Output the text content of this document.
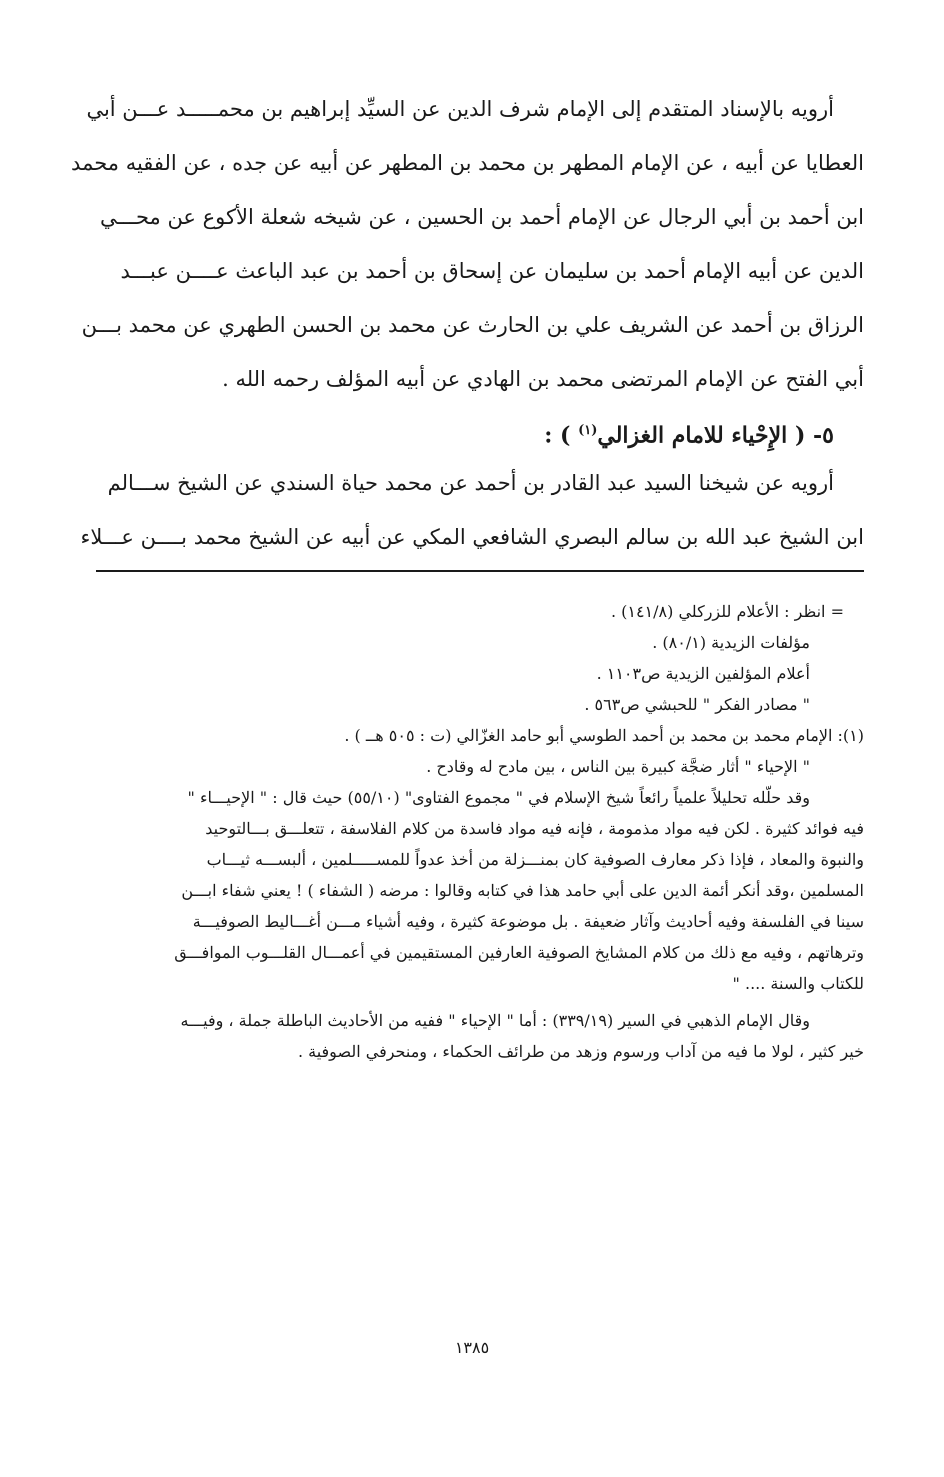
أرويه بالإسناد المتقدم إلى الإمام شرف الدين عن السيِّد إبراهيم بن محمـــــد عـــن أبي
العطايا عن أبيه ، عن الإمام المطهر بن محمد بن المطهر عن أبيه عن جده ، عن الفقيه محمد
ابن أحمد بن أبي الرجال عن الإمام أحمد بن الحسين ، عن شيخه شعلة الأكوع عن محـــي
الدين عن أبيه الإمام أحمد بن سليمان عن إسحاق بن أحمد بن عبد الباعث عــــن عبـــد
الرزاق بن أحمد عن الشريف علي بن الحارث عن محمد بن الحسن الطهري عن محمد بـــن
أبي الفتح عن الإمام المرتضى محمد بن الهادي عن أبيه المؤلف رحمه الله .
٥- ( الإِحْياء للامام الغزالي$^{(١)}$ ) :
أرويه عن شيخنا السيد عبد القادر بن أحمد عن محمد حياة السندي عن الشيخ ســـالم
ابن الشيخ عبد الله بن سالم البصري الشافعي المكي عن أبيه عن الشيخ محمد بــــن عـــلاء
= انظر : الأعلام للزركلي (١٤١/٨) .
مؤلفات الزيدية (٨٠/١) .
أعلام المؤلفين الزيدية ص١١٠٣ .
" مصادر الفكر " للحبشي ص٥٦٣ .
(١): الإمام محمد بن محمد بن أحمد الطوسي أبو حامد الغزّالي (ت : ٥٠٥ هــ ) .
" الإحياء " أثار ضجَّة كبيرة بين الناس ، بين مادح له وقادح .
وقد حلّله تحليلاً علمياً رائعاً شيخ الإسلام في " مجموع الفتاوى" (٥٥/١٠) حيث قال : " الإحيـــاء "
فيه فوائد كثيرة . لكن فيه مواد مذمومة ، فإنه فيه مواد فاسدة من كلام الفلاسفة ، تتعلـــق بـــالتوحيد
والنبوة والمعاد ، فإذا ذكر معارف الصوفية كان بمنـــزلة من أخذ عدواً للمســـــلمين ، ألبســـه ثيـــاب
المسلمين ،وقد أنكر أئمة الدين على أبي حامد هذا في كتابه وقالوا : مرضه ( الشفاء ) ! يعني شفاء ابـــن
سينا في الفلسفة وفيه أحاديث وآثار ضعيفة . بل موضوعة كثيرة ، وفيه أشياء مـــن أغـــاليط الصوفيـــة
وترهاتهم ، وفيه مع ذلك من كلام المشايخ الصوفية العارفين المستقيمين في أعمـــال القلـــوب الموافـــق
للكتاب والسنة .... "
وقال الإمام الذهبي في السير (٣٣٩/١٩) : أما " الإحياء " ففيه من الأحاديث الباطلة جملة ، وفيـــه
خير كثير ، لولا ما فيه من آداب ورسوم وزهد من طرائف الحكماء ، ومنحرفي الصوفية .
١٣٨٥
